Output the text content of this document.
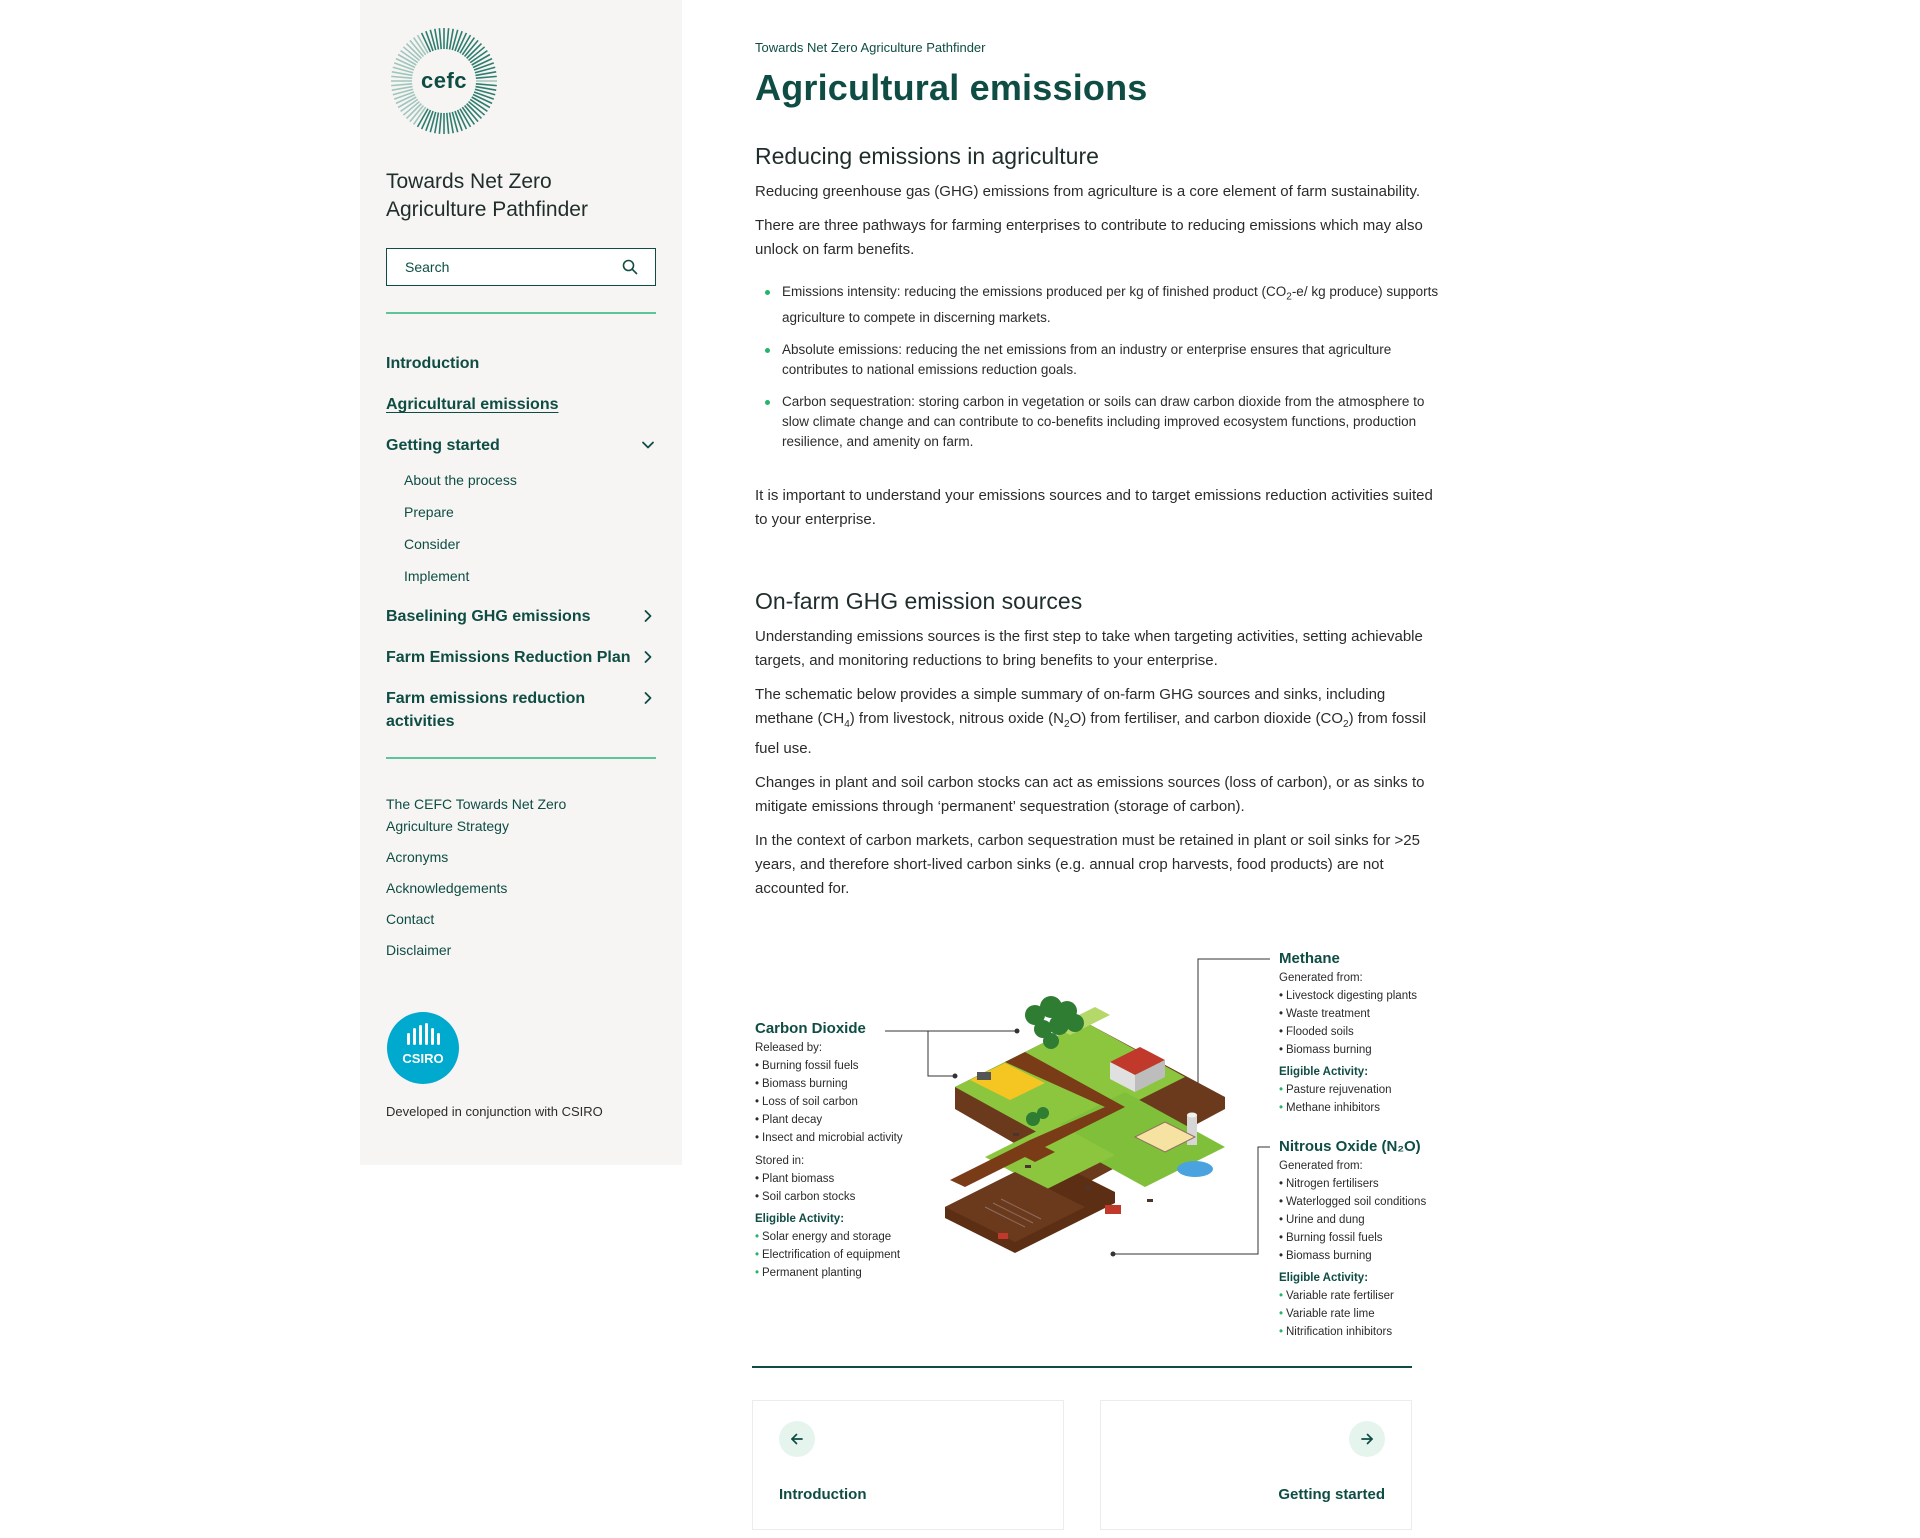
cefc
Towards Net Zero Agriculture Pathfinder
Search
Introduction
Agricultural emissions
Getting started
About the process
Prepare
Consider
Implement
Baselining GHG emissions
Farm Emissions Reduction Plan
Farm emissions reduction activities
The CEFC Towards Net Zero Agriculture Strategy
Acronyms
Acknowledgements
Contact
Disclaimer
CSIRO
Developed in conjunction with CSIRO
Towards Net Zero Agriculture Pathfinder
Agricultural emissions
Reducing emissions in agriculture

Reducing greenhouse gas (GHG) emissions from agriculture is a core element of farm sustainability.

There are three pathways for farming enterprises to contribute to reducing emissions which may also unlock on farm benefits.

Emissions intensity: reducing the emissions produced per kg of finished product ($CO_2-e/$ kg produce) supports agriculture to compete in discerning markets.
Absolute emissions: reducing the net emissions from an industry or enterprise ensures that agriculture contributes to national emissions reduction goals.
Carbon sequestration: storing carbon in vegetation or soils can draw carbon dioxide from the atmosphere to slow climate change and can contribute to co-benefits including improved ecosystem functions, production resilience, and amenity on farm.

It is important to understand your emissions sources and to target emissions reduction activities suited to your enterprise.

On-farm GHG emission sources

Understanding emissions sources is the first step to take when targeting activities, setting achievable targets, and monitoring reductions to bring benefits to your enterprise.

The schematic below provides a simple summary of on-farm GHG sources and sinks, including methane $(CH_4)$ from livestock, nitrous oxide $(N_2O)$ from fertiliser, and carbon dioxide $(CO_2)$ from fossil fuel use.

Changes in plant and soil carbon stocks can act as emissions sources (loss of carbon), or as sinks to mitigate emissions through ‘permanent’ sequestration (storage of carbon).

In the context of carbon markets, carbon sequestration must be retained in plant or soil sinks for >25 years, and therefore short-lived carbon sinks (e.g. annual crop harvests, food products) are not accounted for.

Carbon Dioxide
Released by:
• Burning fossil fuels
• Biomass burning
• Loss of soil carbon
• Plant decay
• Insect and microbial activity
Stored in:
• Plant biomass
• Soil carbon stocks
Eligible Activity:
• Solar energy and storage
• Electrification of equipment
• Permanent planting
Methane
Generated from:
• Livestock digesting plants
• Waste treatment
• Flooded soils
• Biomass burning
Eligible Activity:
• Pasture rejuvenation
• Methane inhibitors
Nitrous Oxide (N₂O)
Generated from:
• Nitrogen fertilisers
• Waterlogged soil conditions
• Urine and dung
• Burning fossil fuels
• Biomass burning
Eligible Activity:
• Variable rate fertiliser
• Variable rate lime
• Nitrification inhibitors
Introduction	Getting started
